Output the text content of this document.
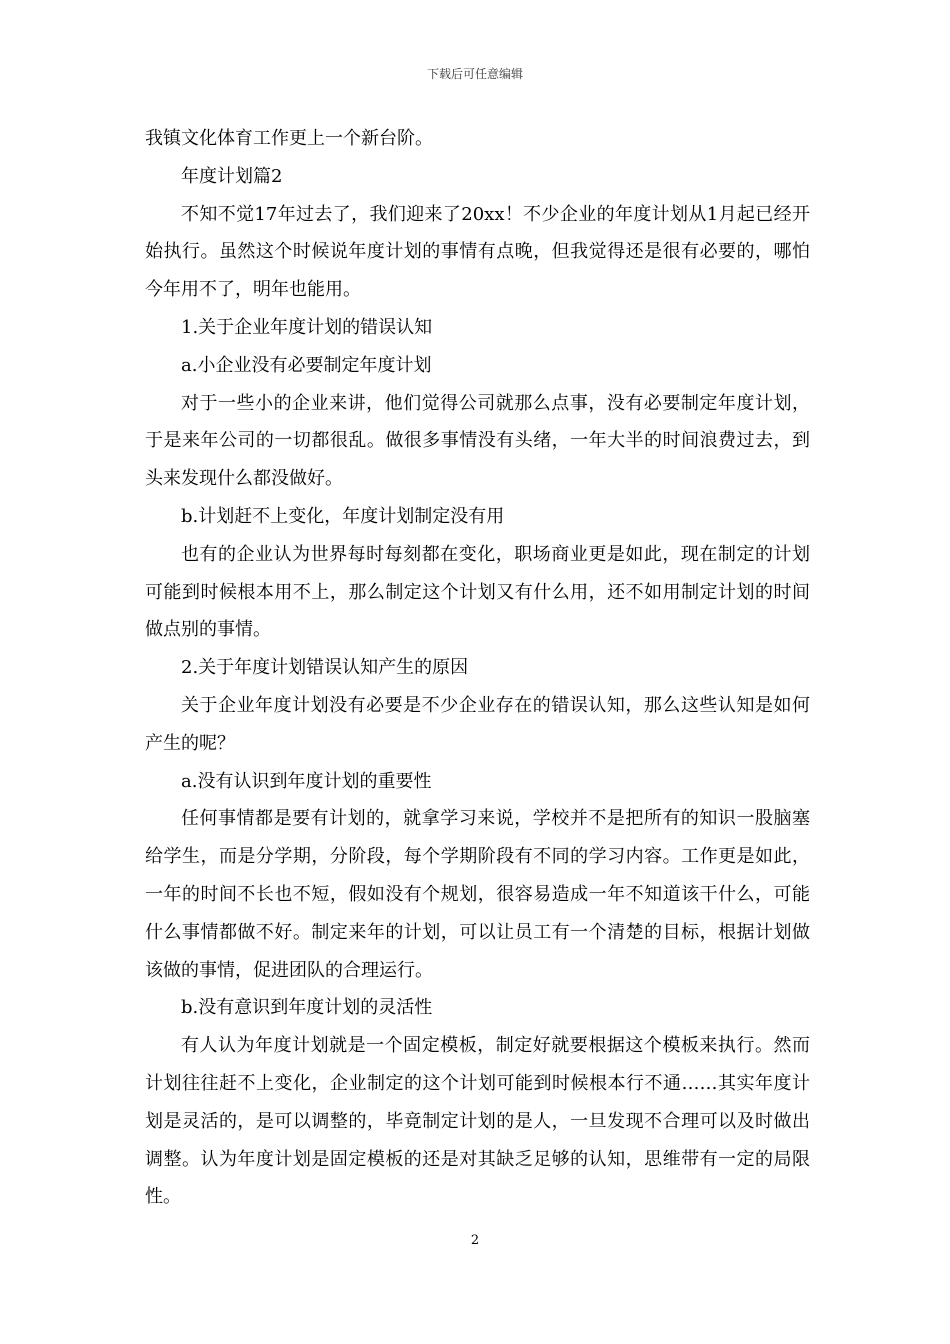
下载后可任意编辑

我镇文化体育工作更上一个新台阶。

年度计划篇2

不知不觉17年过去了，我们迎来了20xx！不少企业的年度计划从1月起已经开始执行。虽然这个时候说年度计划的事情有点晚，但我觉得还是很有必要的，哪怕今年用不了，明年也能用。

1.关于企业年度计划的错误认知

a.小企业没有必要制定年度计划

对于一些小的企业来讲，他们觉得公司就那么点事，没有必要制定年度计划，于是来年公司的一切都很乱。做很多事情没有头绪，一年大半的时间浪费过去，到头来发现什么都没做好。

b.计划赶不上变化，年度计划制定没有用

也有的企业认为世界每时每刻都在变化，职场商业更是如此，现在制定的计划可能到时候根本用不上，那么制定这个计划又有什么用，还不如用制定计划的时间做点别的事情。

2.关于年度计划错误认知产生的原因

关于企业年度计划没有必要是不少企业存在的错误认知，那么这些认知是如何产生的呢？

a.没有认识到年度计划的重要性

任何事情都是要有计划的，就拿学习来说，学校并不是把所有的知识一股脑塞给学生，而是分学期，分阶段，每个学期阶段有不同的学习内容。工作更是如此，一年的时间不长也不短，假如没有个规划，很容易造成一年不知道该干什么，可能什么事情都做不好。制定来年的计划，可以让员工有一个清楚的目标，根据计划做该做的事情，促进团队的合理运行。

b.没有意识到年度计划的灵活性

有人认为年度计划就是一个固定模板，制定好就要根据这个模板来执行。然而计划往往赶不上变化，企业制定的这个计划可能到时候根本行不通……其实年度计划是灵活的，是可以调整的，毕竟制定计划的是人，一旦发现不合理可以及时做出调整。认为年度计划是固定模板的还是对其缺乏足够的认知，思维带有一定的局限性。

2
